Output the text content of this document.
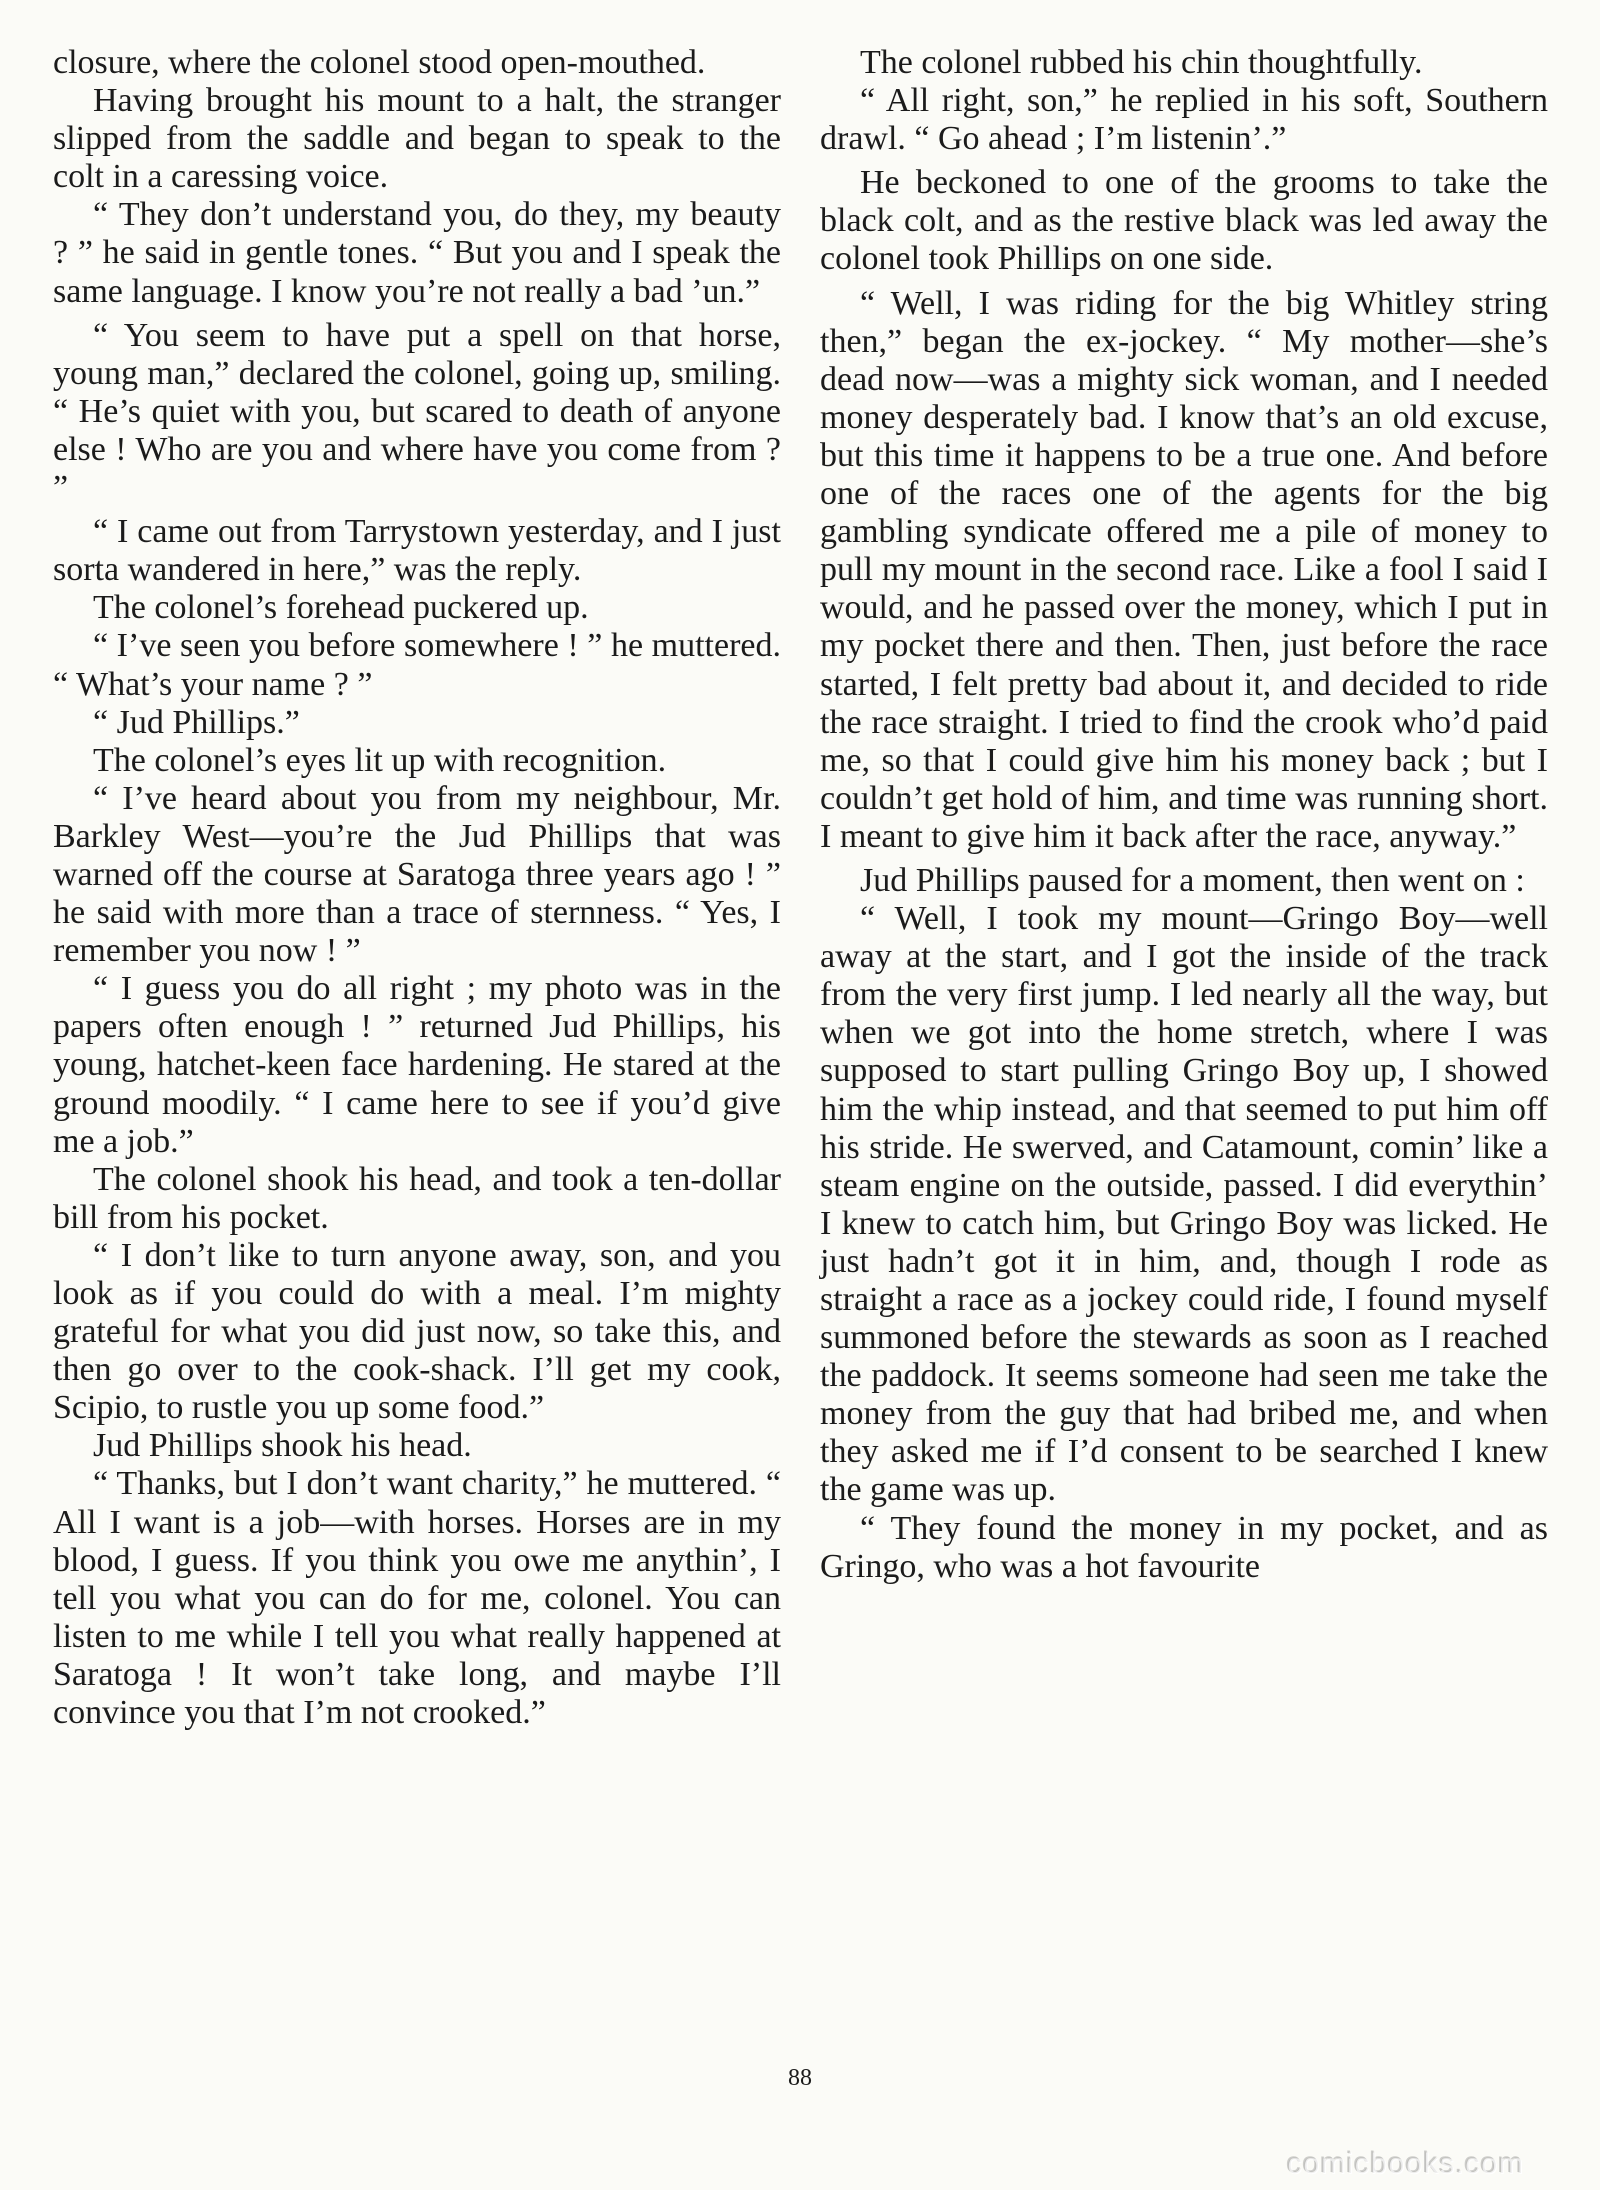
closure, where the colonel stood open-mouthed.

Having brought his mount to a halt, the stranger slipped from the saddle and began to speak to the colt in a caressing voice.

“ They don’t understand you, do they, my beauty ? ” he said in gentle tones. “ But you and I speak the same language. I know you’re not really a bad ’un.”

“ You seem to have put a spell on that horse, young man,” declared the colonel, going up, smiling. “ He’s quiet with you, but scared to death of anyone else ! Who are you and where have you come from ? ”

“ I came out from Tarrystown yesterday, and I just sorta wandered in here,” was the reply.

The colonel’s forehead puckered up.

“ I’ve seen you before somewhere ! ” he muttered. “ What’s your name ? ”

“ Jud Phillips.”

The colonel’s eyes lit up with recognition.

“ I’ve heard about you from my neighbour, Mr. Barkley West—you’re the Jud Phillips that was warned off the course at Saratoga three years ago ! ” he said with more than a trace of sternness. “ Yes, I remember you now ! ”

“ I guess you do all right ; my photo was in the papers often enough ! ” returned Jud Phillips, his young, hatchet-keen face hardening. He stared at the ground moodily. “ I came here to see if you’d give me a job.”

The colonel shook his head, and took a ten-dollar bill from his pocket.

“ I don’t like to turn anyone away, son, and you look as if you could do with a meal. I’m mighty grateful for what you did just now, so take this, and then go over to the cook-shack. I’ll get my cook, Scipio, to rustle you up some food.”

Jud Phillips shook his head.

“ Thanks, but I don’t want charity,” he muttered. “ All I want is a job—with horses. Horses are in my blood, I guess. If you think you owe me anythin’, I tell you what you can do for me, colonel. You can listen to me while I tell you what really happened at Saratoga ! It won’t take long, and maybe I’ll convince you that I’m not crooked.”

The colonel rubbed his chin thoughtfully.

“ All right, son,” he replied in his soft, Southern drawl. “ Go ahead ; I’m listenin’.”

He beckoned to one of the grooms to take the black colt, and as the restive black was led away the colonel took Phillips on one side.

“ Well, I was riding for the big Whitley string then,” began the ex-jockey. “ My mother—she’s dead now—was a mighty sick woman, and I needed money desperately bad. I know that’s an old excuse, but this time it happens to be a true one. And before one of the races one of the agents for the big gambling syndicate offered me a pile of money to pull my mount in the second race. Like a fool I said I would, and he passed over the money, which I put in my pocket there and then. Then, just before the race started, I felt pretty bad about it, and decided to ride the race straight. I tried to find the crook who’d paid me, so that I could give him his money back ; but I couldn’t get hold of him, and time was running short. I meant to give him it back after the race, anyway.”

Jud Phillips paused for a moment, then went on :

“ Well, I took my mount—Gringo Boy—well away at the start, and I got the inside of the track from the very first jump. I led nearly all the way, but when we got into the home stretch, where I was supposed to start pulling Gringo Boy up, I showed him the whip instead, and that seemed to put him off his stride. He swerved, and Catamount, comin’ like a steam engine on the outside, passed. I did everythin’ I knew to catch him, but Gringo Boy was licked. He just hadn’t got it in him, and, though I rode as straight a race as a jockey could ride, I found myself summoned before the stewards as soon as I reached the paddock. It seems someone had seen me take the money from the guy that had bribed me, and when they asked me if I’d consent to be searched I knew the game was up.

“ They found the money in my pocket, and as Gringo, who was a hot favourite

88
comicbooks.com
